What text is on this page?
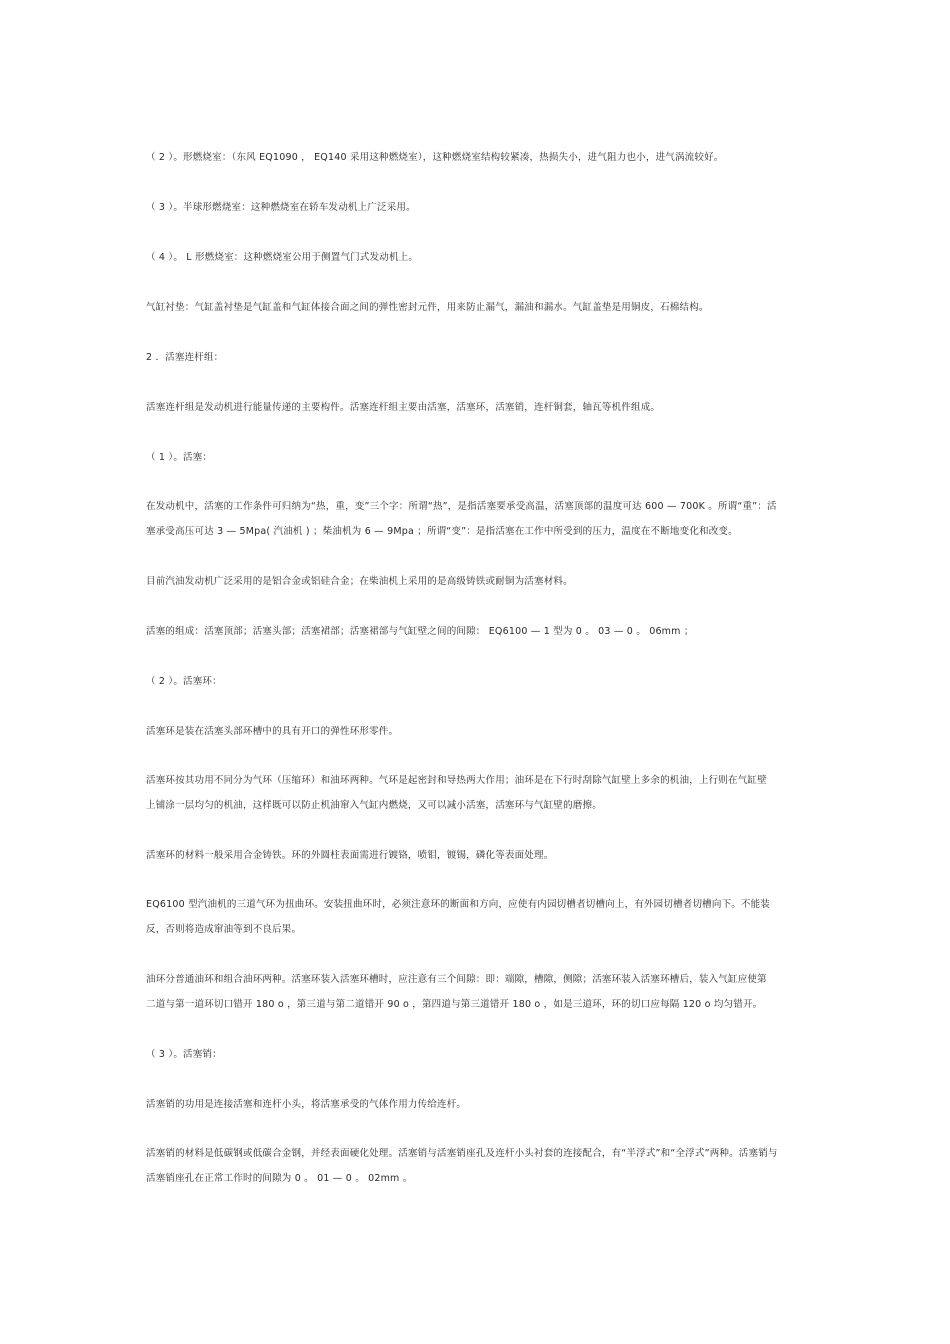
（ 2 ）。形燃烧室：（东风 EQ1090 ， EQ140 采用这种燃烧室），这种燃烧室结构较紧凑，热损失小，进气阻力也小，进气涡流较好。
（ 3 ）。半球形燃烧室：这种燃烧室在轿车发动机上广泛采用。
（ 4 ）。 L 形燃烧室：这种燃烧室公用于侧置气门式发动机上。
气缸衬垫：气缸盖衬垫是气缸盖和气缸体接合面之间的弹性密封元件，用来防止漏气，漏油和漏水。气缸盖垫是用铜皮，石棉结构。
2 ．活塞连杆组：
活塞连杆组是发动机进行能量传递的主要构件。活塞连杆组主要由活塞，活塞环，活塞销，连杆铜套，轴瓦等机件组成。
（ 1 ）。活塞：
在发动机中，活塞的工作条件可归纳为“热，重，变”三个字：所谓“热”，是指活塞要承受高温，活塞顶部的温度可达 600 — 700K 。所谓“重”：活
塞承受高压可达 3 — 5Mpa( 汽油机 ) ；柴油机为 6 — 9Mpa ；所谓“变”：是指活塞在工作中所受到的压力，温度在不断地变化和改变。
目前汽油发动机广泛采用的是铝合金或铝硅合金；在柴油机上采用的是高级铸铁或耐铜为活塞材料。
活塞的组成：活塞顶部；活塞头部；活塞裙部；活塞裙部与气缸壁之间的间隙： EQ6100 — 1 型为 0 。 03 — 0 。 06mm ；
（ 2 ）。活塞环：
活塞环是装在活塞头部环槽中的具有开口的弹性环形零件。
活塞环按其功用不同分为气环（压缩环）和油环两种。气环是起密封和导热两大作用；油环是在下行时刮除气缸壁上多余的机油，上行则在气缸壁
上铺涂一层均匀的机油，这样既可以防止机油窜入气缸内燃烧，又可以减小活塞，活塞环与气缸壁的磨擦。
活塞环的材料一般采用合金铸铁。环的外圆柱表面需进行镀铬，喷钼，镀锡，磷化等表面处理。
EQ6100 型汽油机的三道气环为扭曲环。安装扭曲环时，必须注意环的断面和方向，应使有内园切槽者切槽向上，有外园切槽者切槽向下。不能装
反，否则将造成窜油等到不良后果。
油环分普通油环和组合油环两种。活塞环装入活塞环槽时，应注意有三个间隙：即：端隙，槽隙，侧隙；活塞环装入活塞环槽后，装入气缸应使第
二道与第一道环切口错开 180 o ，第三道与第二道错开 90 o ，第四道与第三道错开 180 o ，如是三道环，环的切口应每隔 120 o 均匀错开。
（ 3 ）。活塞销：
活塞销的功用是连接活塞和连杆小头，将活塞承受的气体作用力传给连杆。
活塞销的材料是低碳钢或低碳合金钢，并经表面硬化处理。活塞销与活塞销座孔及连杆小头衬套的连接配合，有“半浮式”和“全浮式”两种。活塞销与
活塞销座孔在正常工作时的间隙为 0 。 01 — 0 。 02mm 。
